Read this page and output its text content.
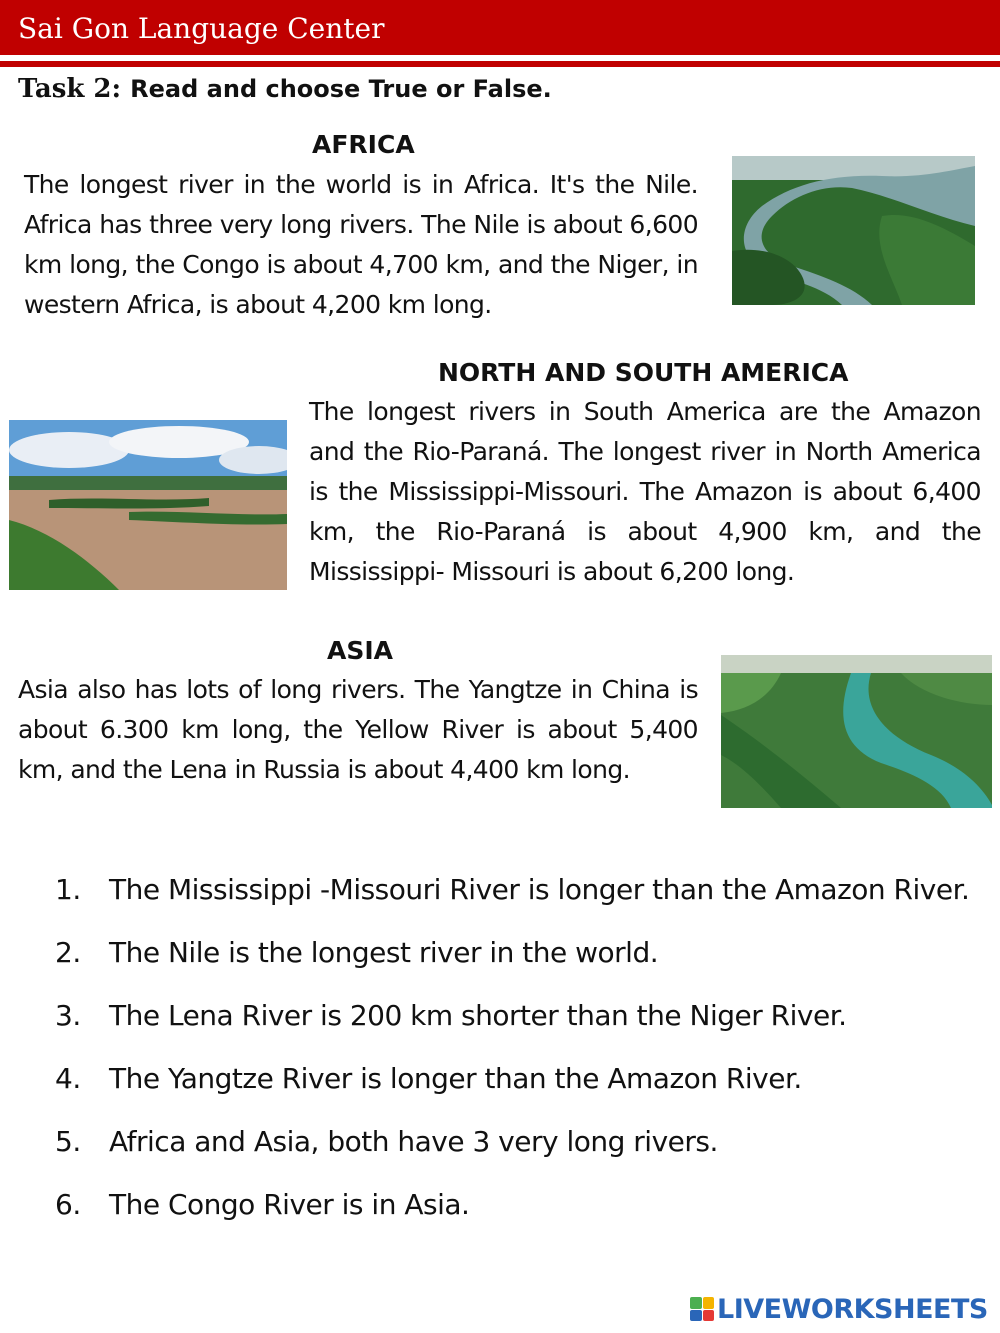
Sai Gon Language Center
Task 2: Read and choose True or False.
AFRICA

The longest river in the world is in Africa. It's the Nile. Africa has three very long rivers. The Nile is about 6,600 km long, the Congo is about 4,700 km, and the Niger, in western Africa, is about 4,200 km long.

NORTH AND SOUTH AMERICA

The longest rivers in South America are the Amazon and the Rio-Paraná. The longest river in North America is the Mississippi-Missouri. The Amazon is about 6,400 km, the Rio-Paraná is about 4,900 km, and the Mississippi- Missouri is about 6,200 long.

ASIA

Asia also has lots of long rivers. The Yangtze in China is about 6.300 km long, the Yellow River is about 5,400 km, and the Lena in Russia is about 4,400 km long.

1.	The Mississippi -Missouri River is longer than the Amazon River.
2.	The Nile is the longest river in the world.
3.	The Lena River is 200 km shorter than the Niger River.
4.	The Yangtze River is longer than the Amazon River.
5.	Africa and Asia, both have 3 very long rivers.
6.	The Congo River is in Asia.
LIVEWORKSHEETS
